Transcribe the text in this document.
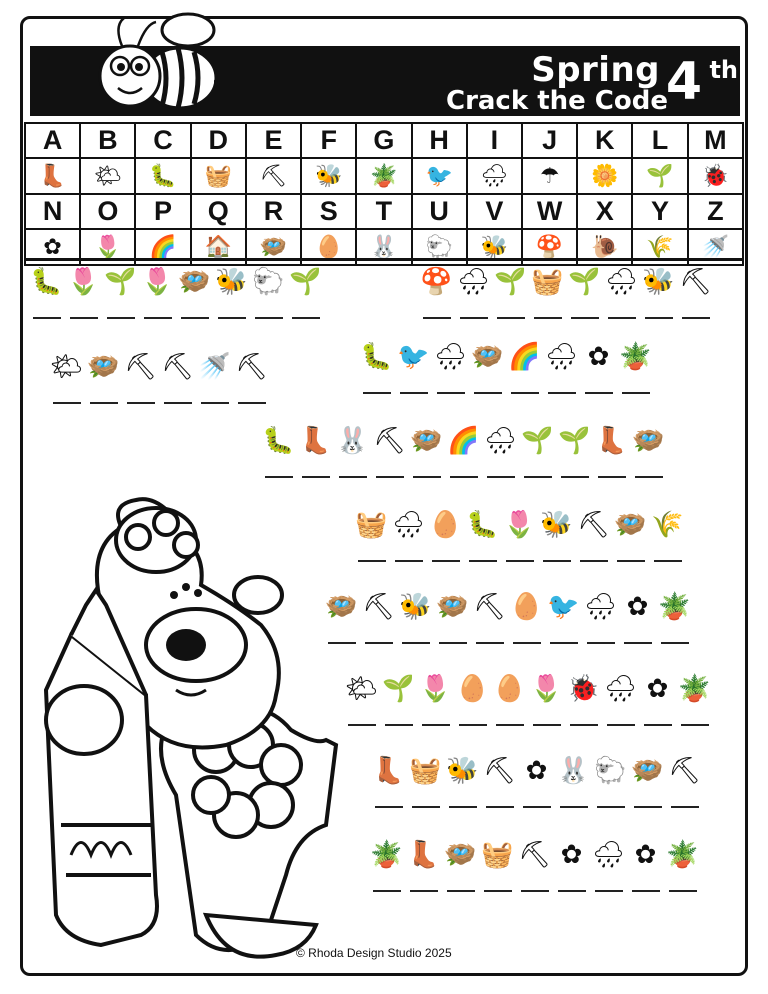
Spring 4 th
Crack the Code
A	B	C	D	E	F	G	H	I	J	K	L	M
👢	🌤	🐛	🧺	⛏	🐝	🪴	🐦	🌧	☂	🌼	🌱	🐞
N	O	P	Q	R	S	T	U	V	W	X	Y	Z
✿	🌷	🌈	🏠	🪺	🥚	🐰	🐑	🐝	🍄	🐌	🌾	🚿
🐛 🌷 🌱 🌷 🪺 🐝 🐑 🌱	🍄 🌧 🌱 🧺 🌱 🌧 🐝 ⛏
🌤 🪺 ⛏ ⛏ 🚿 ⛏	🐛 🐦 🌧 🪺 🌈 🌧 ✿ 🪴
🐛 👢 🐰 ⛏ 🪺 🌈 🌧 🌱 🌱 👢 🪺
🧺 🌧 🥚 🐛 🌷 🐝 ⛏ 🪺 🌾
🪺 ⛏ 🐝 🪺 ⛏ 🥚 🐦 🌧 ✿ 🪴
🌤 🌱 🌷 🥚 🥚 🌷 🐞 🌧 ✿ 🪴
👢 🧺 🐝 ⛏ ✿ 🐰 🐑 🪺 ⛏
🪴 👢 🪺 🧺 ⛏ ✿ 🌧 ✿ 🪴
© Rhoda Design Studio 2025
